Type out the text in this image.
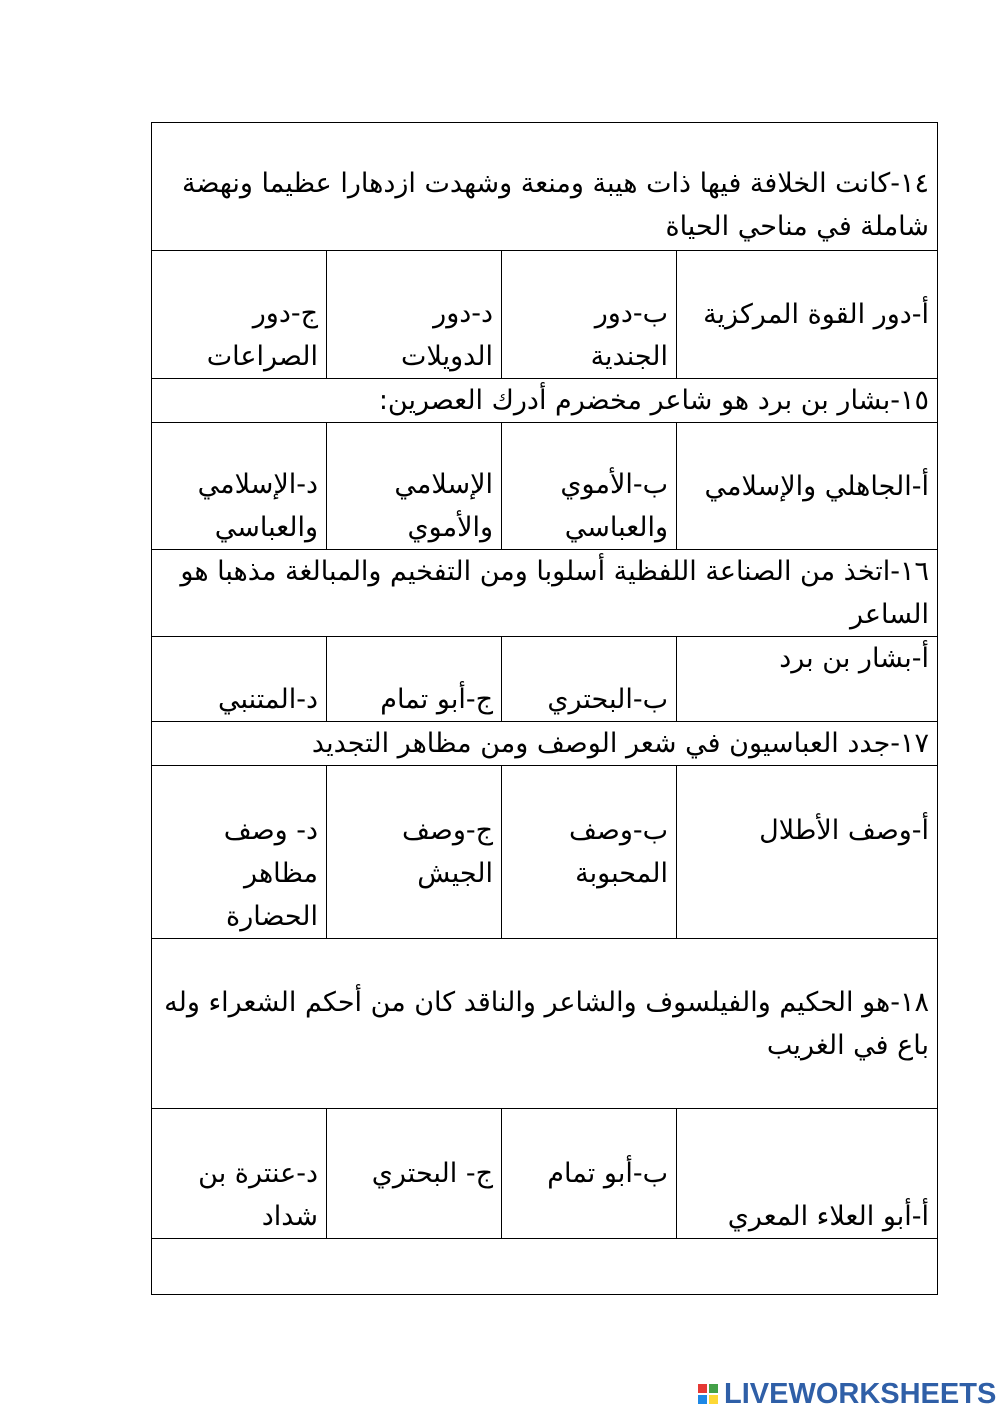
١٤-كانت الخلافة فيها ذات هيبة ومنعة وشهدت ازدهارا عظيما ونهضة شاملة في مناحي الحياة			
أ-دور القوة المركزية	ب-دور الجندية	د-دور الدويلات	ج-دور الصراعات
١٥-بشار بن برد هو شاعر مخضرم أدرك العصرين:			
أ-الجاهلي والإسلامي	ب-الأموي والعباسي	الإسلامي والأموي	د-الإسلامي والعباسي
١٦-اتخذ من الصناعة اللفظية أسلوبا ومن التفخيم والمبالغة مذهبا هو الساعر			
أ-بشار بن برد	ب-البحتري	ج-أبو تمام	د-المتنبي
١٧-جدد العباسيون في شعر الوصف ومن مظاهر التجديد			
أ-وصف الأطلال	ب-وصف المحبوبة	ج-وصف الجيش	د- وصف مظاهر الحضارة
١٨-هو الحكيم والفيلسوف والشاعر والناقد كان من أحكم الشعراء وله باع في الغريب			
أ-أبو العلاء المعري	ب-أبو تمام	ج- البحتري	د-عنترة بن شداد

LIVEWORKSHEETS
